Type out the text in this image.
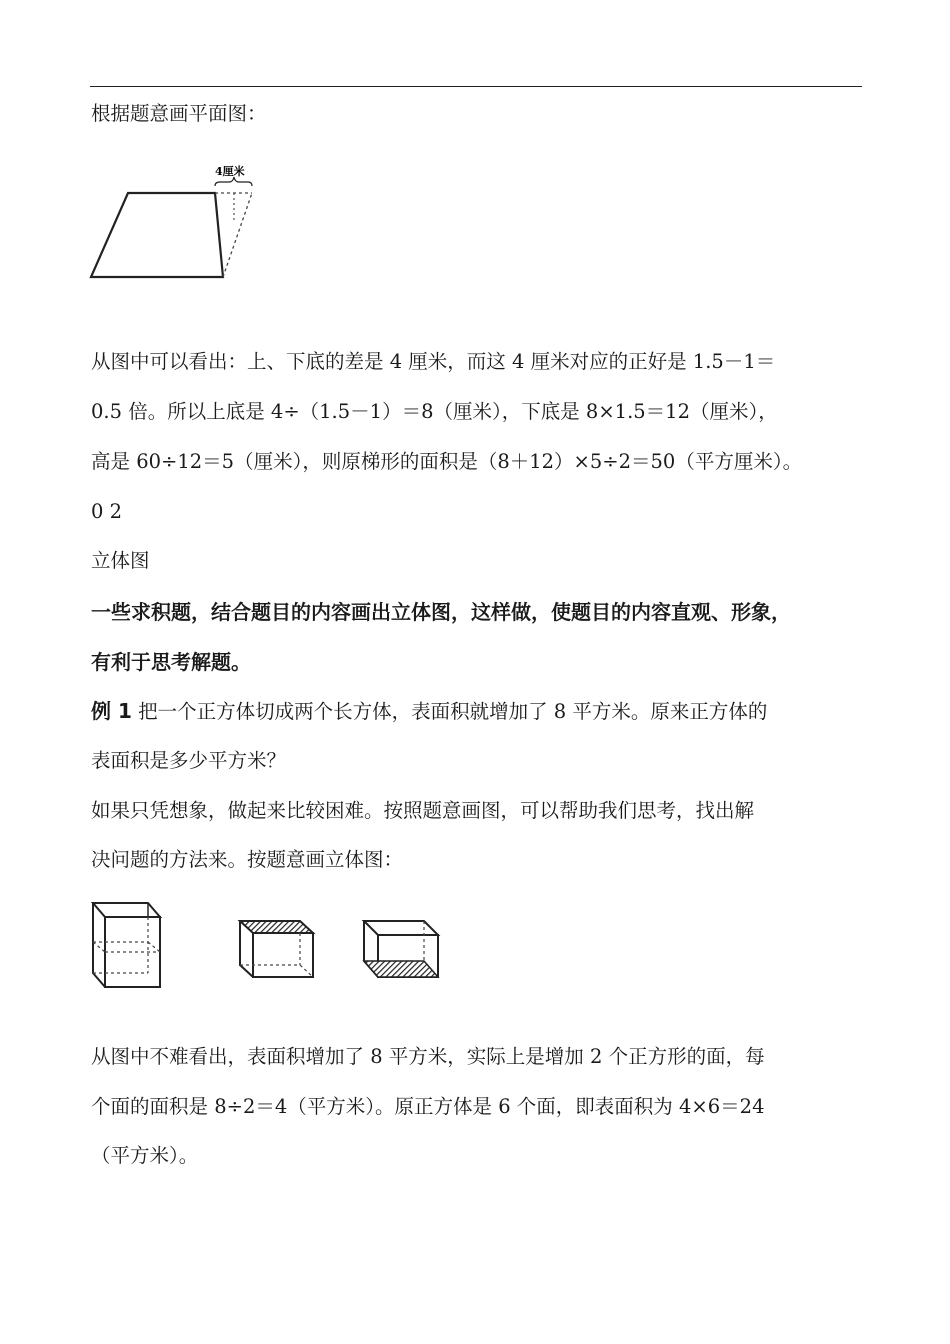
根据题意画平面图：
4厘米
从图中可以看出：上、下底的差是 4 厘米，而这 4 厘米对应的正好是 1.5－1＝
0.5 倍。所以上底是 4÷（1.5－1）＝8（厘米），下底是 8×1.5＝12（厘米），
高是 60÷12＝5（厘米），则原梯形的面积是（8＋12）×5÷2＝50（平方厘米）。
0 2
立体图
一些求积题，结合题目的内容画出立体图，这样做，使题目的内容直观、形象，
有利于思考解题。
例 1 把一个正方体切成两个长方体，表面积就增加了 8 平方米。原来正方体的
表面积是多少平方米？
如果只凭想象，做起来比较困难。按照题意画图，可以帮助我们思考，找出解
决问题的方法来。按题意画立体图：
从图中不难看出，表面积增加了 8 平方米，实际上是增加 2 个正方形的面，每
个面的面积是 8÷2＝4（平方米）。原正方体是 6 个面，即表面积为 4×6＝24
（平方米）。
